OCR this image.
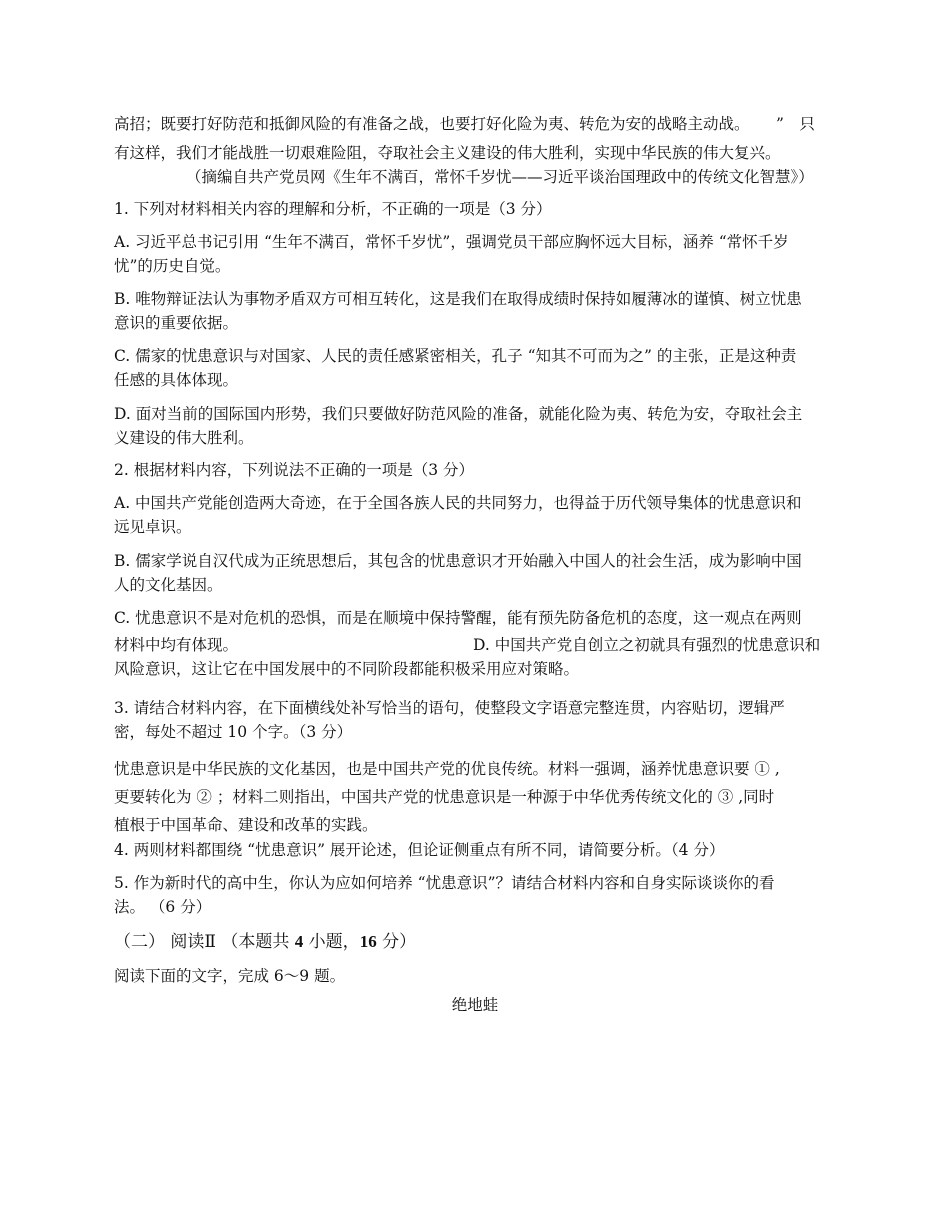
高招；既要打好防范和抵御风险的有准备之战，也要打好化险为夷、转危为安的战略主动战。 ”　只
有这样，我们才能战胜一切艰难险阻，夺取社会主义建设的伟大胜利，实现中华民族的伟大复兴。
（摘编自共产党员网《生年不满百，常怀千岁忧——习近平谈治国理政中的传统文化智慧》）
1. 下列对材料相关内容的理解和分析，不正确的一项是（3 分）
A. 习近平总书记引用 “生年不满百，常怀千岁忧”，强调党员干部应胸怀远大目标，涵养 “常怀千岁
忧”的历史自觉。
B. 唯物辩证法认为事物矛盾双方可相互转化，这是我们在取得成绩时保持如履薄冰的谨慎、树立忧患
意识的重要依据。
C. 儒家的忧患意识与对国家、人民的责任感紧密相关，孔子 “知其不可而为之” 的主张，正是这种责
任感的具体体现。
D. 面对当前的国际国内形势，我们只要做好防范风险的准备，就能化险为夷、转危为安，夺取社会主
义建设的伟大胜利。
2. 根据材料内容，下列说法不正确的一项是（3 分）
A. 中国共产党能创造两大奇迹，在于全国各族人民的共同努力，也得益于历代领导集体的忧患意识和
远见卓识。
B. 儒家学说自汉代成为正统思想后，其包含的忧患意识才开始融入中国人的社会生活，成为影响中国
人的文化基因。
C. 忧患意识不是对危机的恐惧，而是在顺境中保持警醒，能有预先防备危机的态度，这一观点在两则
材料中均有体现。	D. 中国共产党自创立之初就具有强烈的忧患意识和
风险意识，这让它在中国发展中的不同阶段都能积极采用应对策略。
3. 请结合材料内容，在下面横线处补写恰当的语句，使整段文字语意完整连贯，内容贴切，逻辑严
密，每处不超过 10 个字。（3 分）
忧患意识是中华民族的文化基因，也是中国共产党的优良传统。材料一强调，涵养忧患意识要 ① ,
更要转化为 ② ；材料二则指出，中国共产党的忧患意识是一种源于中华优秀传统文化的 ③ ,同时
植根于中国革命、建设和改革的实践。
4. 两则材料都围绕 “忧患意识” 展开论述，但论证侧重点有所不同，请简要分析。（4 分）
5. 作为新时代的高中生，你认为应如何培养 “忧患意识”？请结合材料内容和自身实际谈谈你的看
法。 （6 分）
（二） 阅读Ⅱ （本题共 4 小题，16 分）
阅读下面的文字，完成 6～9 题。
绝地蛙
